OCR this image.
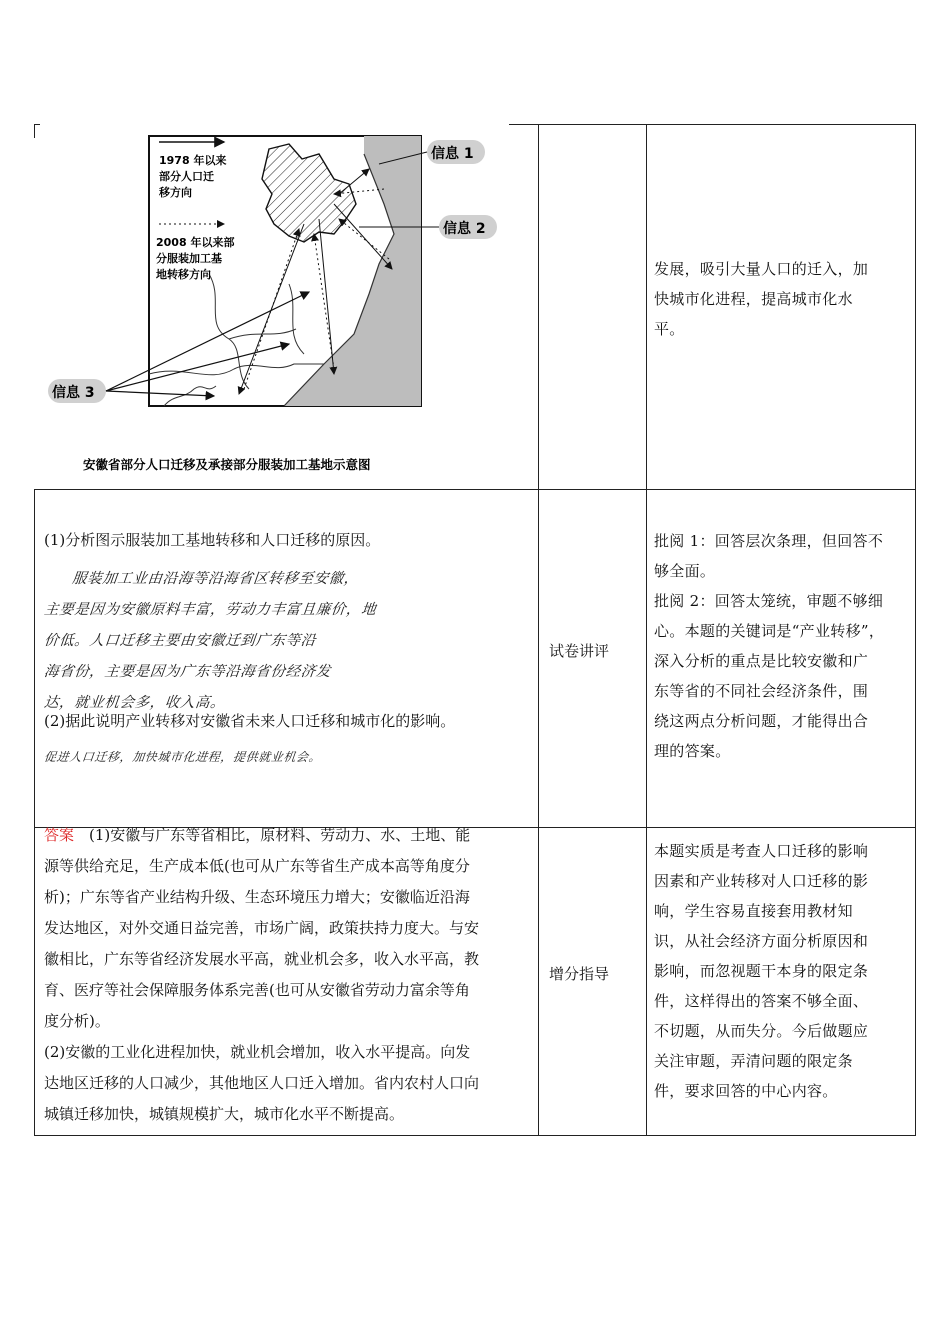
1978 年以来
部分人口迁
移方向
2008 年以来部
分服装加工基
地转移方向
信息 1
信息 2
信息 3
安徽省部分人口迁移及承接部分服装加工基地示意图
发展，吸引大量人口的迁入，加
快城市化进程，提高城市化水
平。
(1)分析图示服装加工基地转移和人口迁移的原因。
服装加工业由沿海等沿海省区转移至安徽，
主要是因为安徽原料丰富，劳动力丰富且廉价，地
价低。人口迁移主要由安徽迁到广东等沿
海省份，主要是因为广东等沿海省份经济发
达，就业机会多，收入高。
(2)据此说明产业转移对安徽省未来人口迁移和城市化的影响。
促进人口迁移，加快城市化进程，提供就业机会。
试卷讲评
批阅 1：回答层次条理，但回答不
够全面。
批阅 2：回答太笼统，审题不够细
心。本题的关键词是“产业转移”，
深入分析的重点是比较安徽和广
东等省的不同社会经济条件，围
绕这两点分析问题，才能得出合
理的答案。
答案  (1)安徽与广东等省相比，原材料、劳动力、水、土地、能
源等供给充足，生产成本低(也可从广东等省生产成本高等角度分
析)；广东等省产业结构升级、生态环境压力增大；安徽临近沿海
发达地区，对外交通日益完善，市场广阔，政策扶持力度大。与安
徽相比，广东等省经济发展水平高，就业机会多，收入水平高，教
育、医疗等社会保障服务体系完善(也可从安徽省劳动力富余等角
度分析)。
(2)安徽的工业化进程加快，就业机会增加，收入水平提高。向发
达地区迁移的人口减少，其他地区人口迁入增加。省内农村人口向
城镇迁移加快，城镇规模扩大，城市化水平不断提高。
增分指导
本题实质是考查人口迁移的影响
因素和产业转移对人口迁移的影
响，学生容易直接套用教材知
识，从社会经济方面分析原因和
影响，而忽视题干本身的限定条
件，这样得出的答案不够全面、
不切题，从而失分。今后做题应
关注审题，弄清问题的限定条
件，要求回答的中心内容。
